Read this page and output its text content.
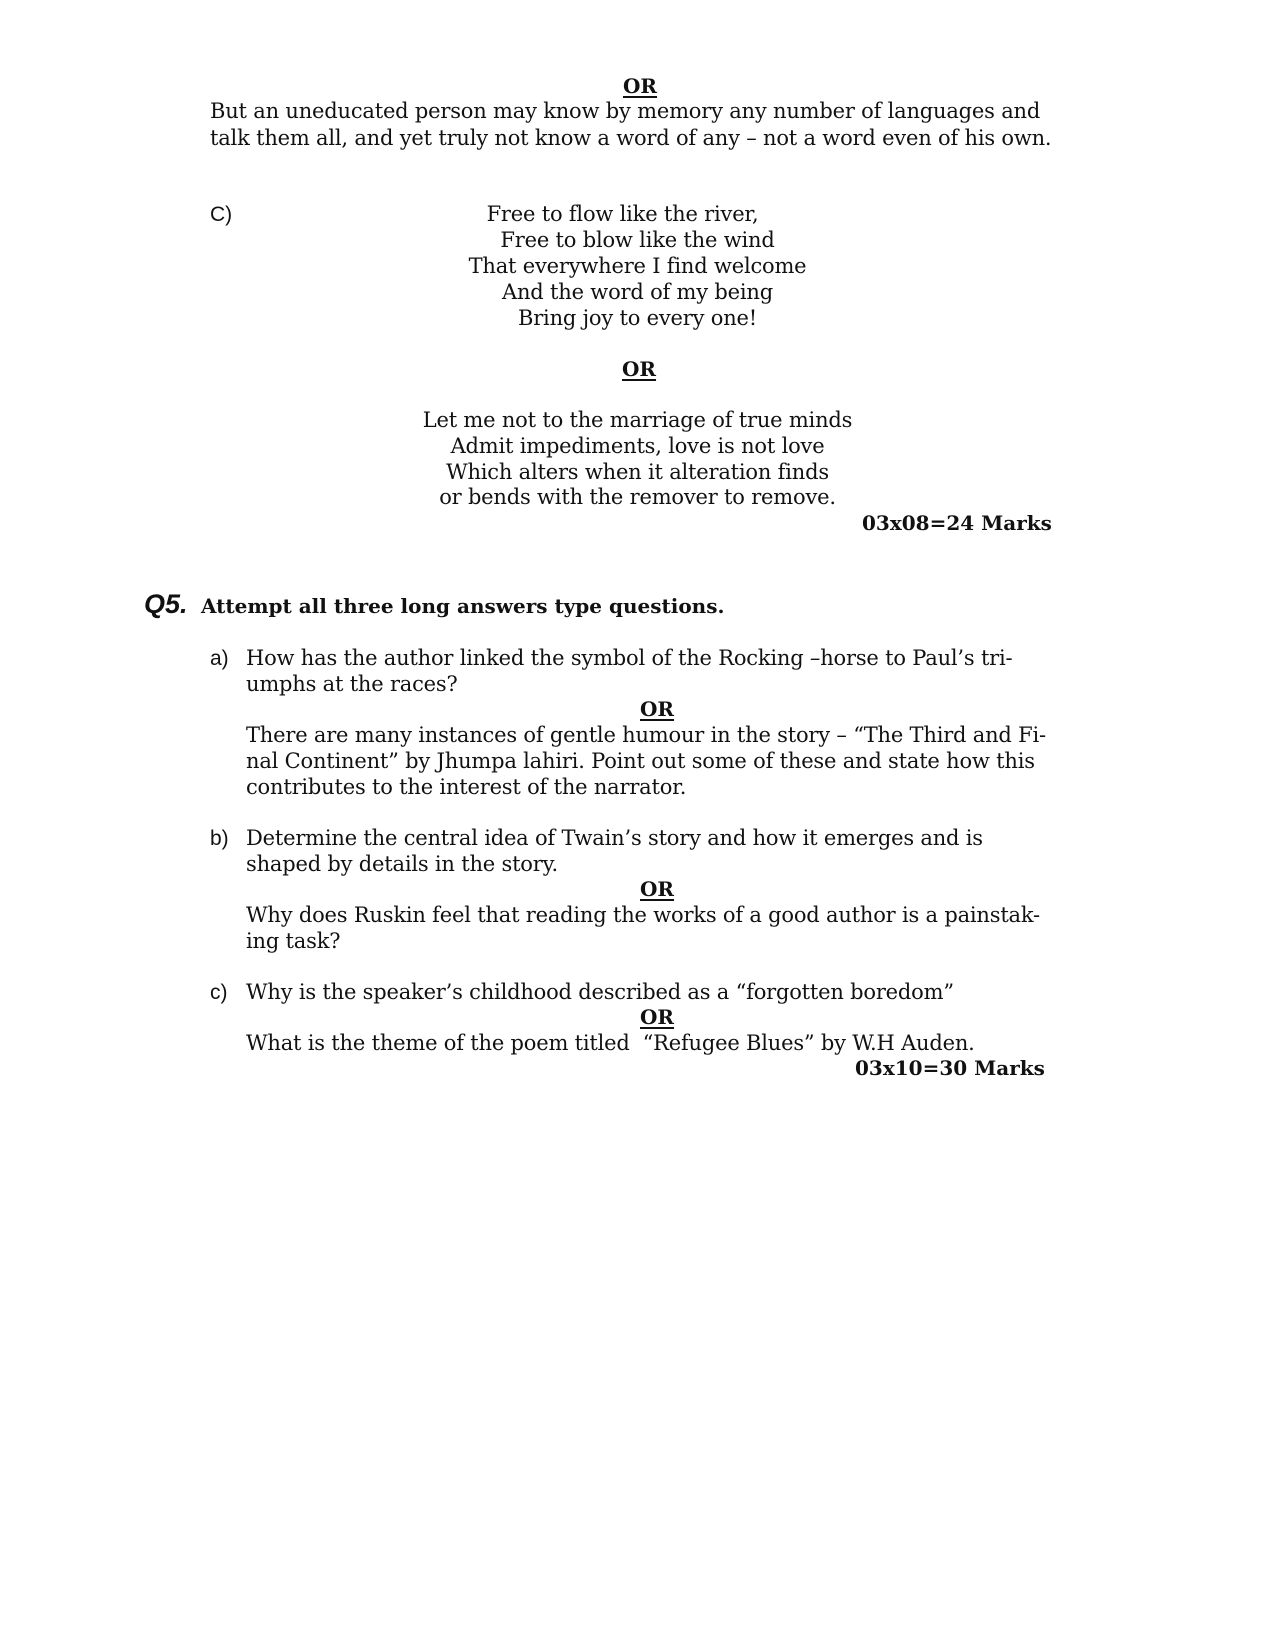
OR
But an uneducated person may know by memory any number of languages and talk them all, and yet truly not know a word of any – not a word even of his own.
C)	Free to flow like the river,
Free to blow like the wind
That everywhere I find welcome
And the word of my being
Bring joy to every one!
OR
Let me not to the marriage of true minds
Admit impediments, love is not love
Which alters when it alteration finds
or bends with the remover to remove.
03x08=24 Marks
Q5. Attempt all three long answers type questions.
a) How has the author linked the symbol of the Rocking –horse to Paul’s tri-
umphs at the races?
OR
There are many instances of gentle humour in the story – “The Third and Fi-
nal Continent” by Jhumpa lahiri. Point out some of these and state how this
contributes to the interest of the narrator.
b) Determine the central idea of Twain’s story and how it emerges and is
shaped by details in the story.
OR
Why does Ruskin feel that reading the works of a good author is a painstak-
ing task?
c) Why is the speaker’s childhood described as a “forgotten boredom”
OR
What is the theme of the poem titled  “Refugee Blues” by W.H Auden.
03x10=30 Marks
